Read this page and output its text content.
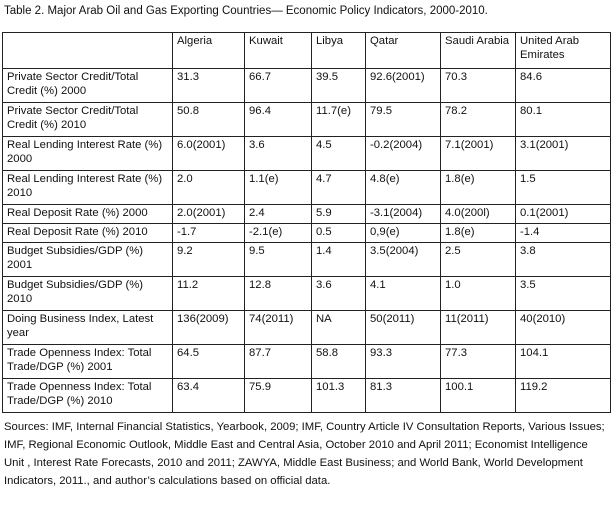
Table 2. Major Arab Oil and Gas Exporting Countries— Economic Policy Indicators, 2000-2010.
	Algeria	Kuwait	Libya	Qatar	Saudi Arabia	United Arab Emirates
Private Sector Credit/Total Credit (%) 2000	31.3	66.7	39.5	92.6(2001)	70.3	84.6
Private Sector Credit/Total Credit (%) 2010	50.8	96.4	11.7(e)	79.5	78.2	80.1
Real Lending Interest Rate (%) 2000	6.0(2001)	3.6	4.5	-0.2(2004)	7.1(2001)	3.1(2001)
Real Lending Interest Rate (%) 2010	2.0	1.1(e)	4.7	4.8(e)	1.8(e)	1.5
Real Deposit Rate (%) 2000	2.0(2001)	2.4	5.9	-3.1(2004)	4.0(200l)	0.1(2001)
Real Deposit Rate (%) 2010	-1.7	-2.1(e)	0.5	0,9(e)	1.8(e)	-1.4
Budget Subsidies/GDP (%) 2001	9.2	9.5	1.4	3.5(2004)	2.5	3.8
Budget Subsidies/GDP (%) 2010	11.2	12.8	3.6	4.1	1.0	3.5
Doing Business Index, Latest year	136(2009)	74(2011)	NA	50(2011)	11(2011)	40(2010)
Trade Openness Index: Total Trade/DGP (%) 2001	64.5	87.7	58.8	93.3	77.3	104.1
Trade Openness Index: Total Trade/DGP (%) 2010	63.4	75.9	101.3	81.3	100.1	119.2
Sources: IMF, Internal Financial Statistics, Yearbook, 2009; IMF, Country Article IV Consultation Reports, Various Issues; IMF, Regional Economic Outlook, Middle East and Central Asia, October 2010 and April 2011; Economist Intelligence Unit , Interest Rate Forecasts, 2010 and 2011; ZAWYA, Middle East Business; and World Bank, World Development Indicators, 2011., and author’s calculations based on official data.
